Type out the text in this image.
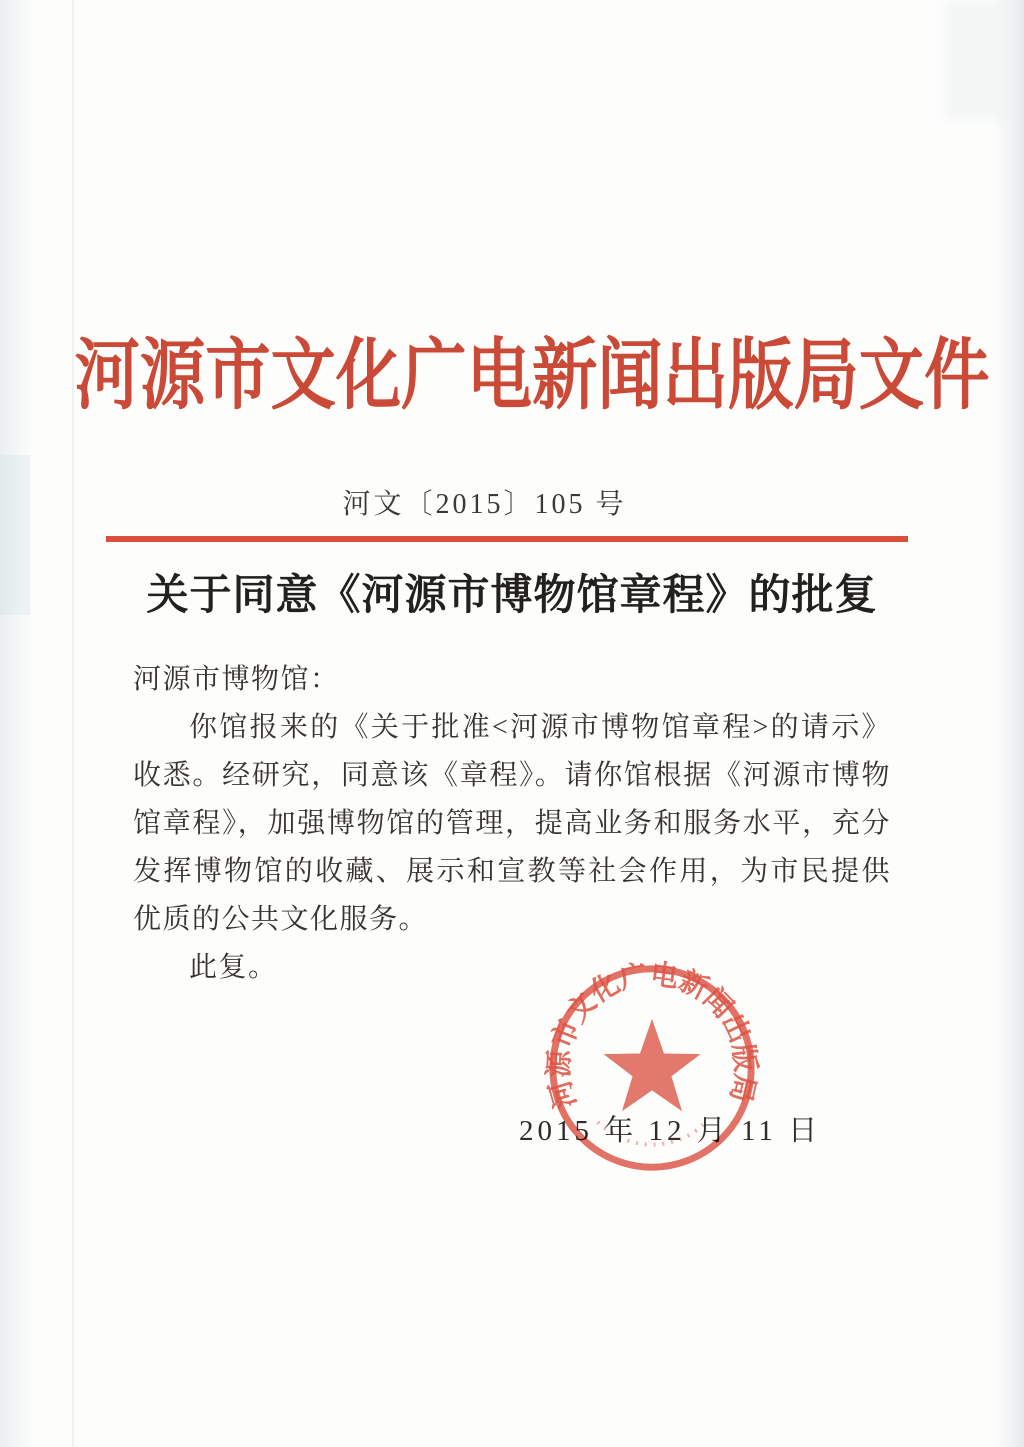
河源市文化广电新闻出版局文件
河文〔2015〕105 号
关于同意《河源市博物馆章程》的批复
河源市博物馆：
你馆报来的《关于批准<河源市博物馆章程>的请示》收悉。经研究，同意该《章程》。请你馆根据《河源市博物馆章程》，加强博物馆的管理，提高业务和服务水平，充分发挥博物馆的收藏、展示和宣教等社会作用，为市民提供优质的公共文化服务。
此复。
2015 年 12 月 11 日
河源市文化广电新闻出版局
